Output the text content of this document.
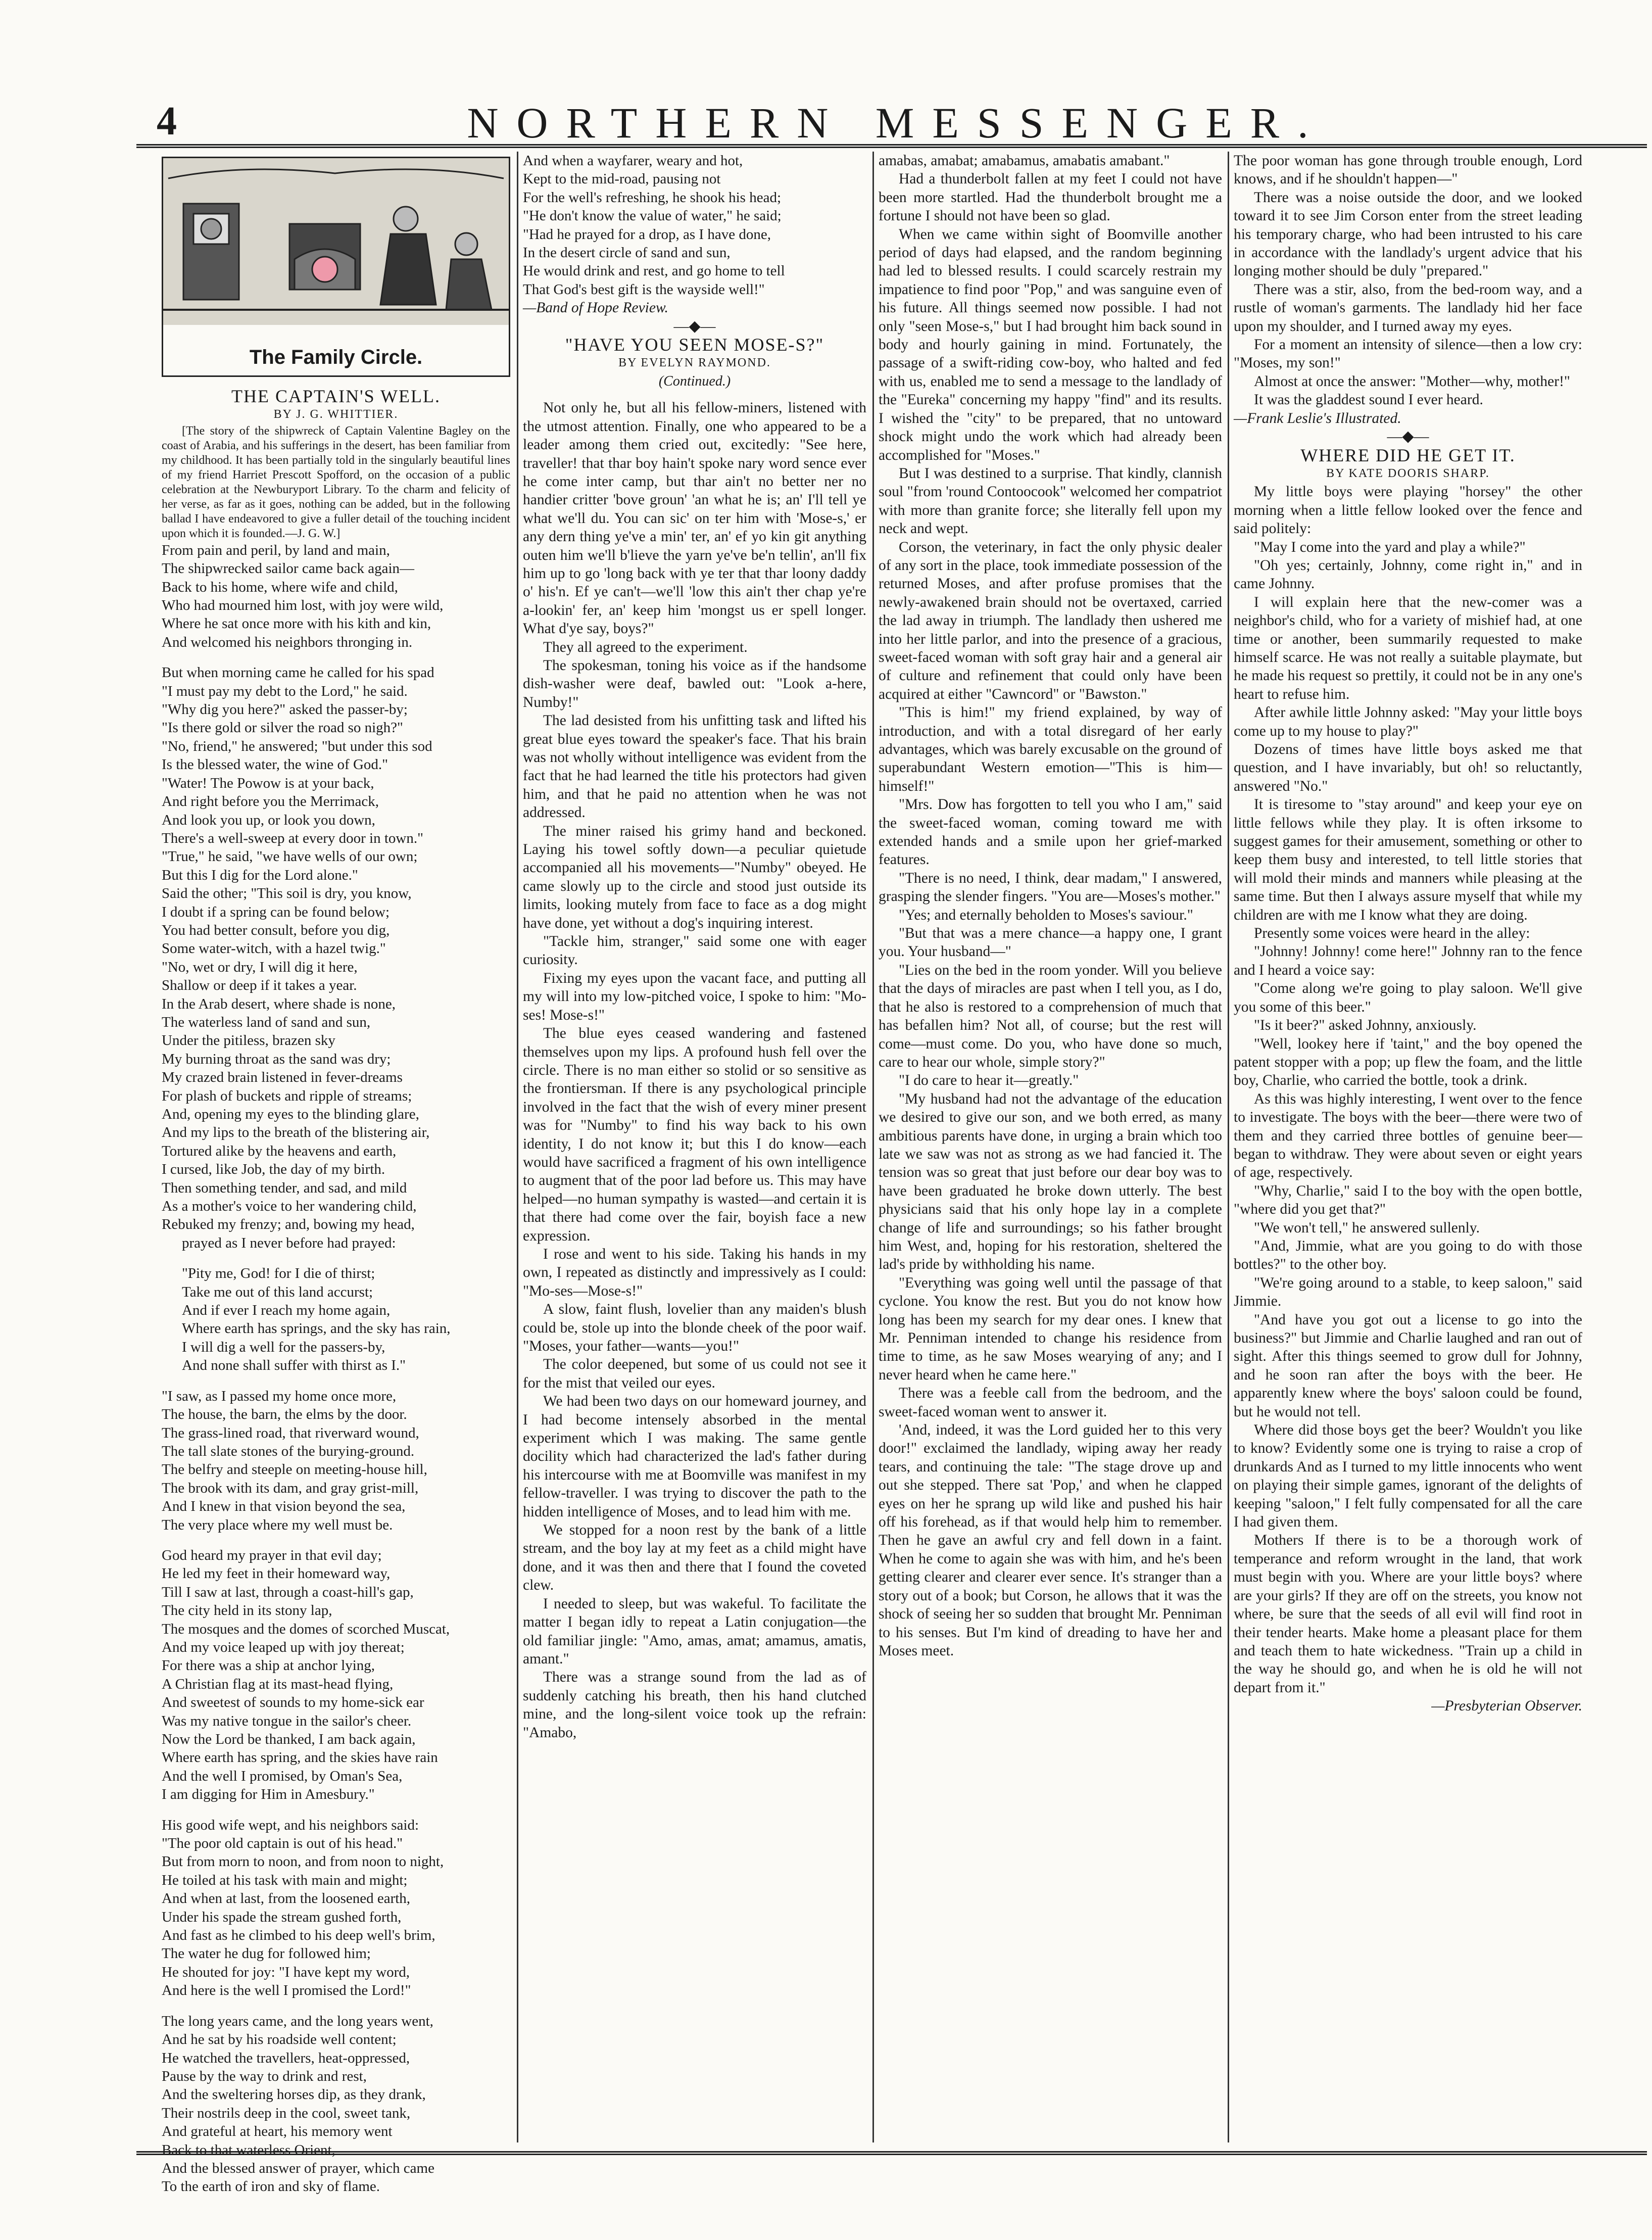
4	NORTHERN MESSENGER.
The Family Circle.

THE CAPTAIN'S WELL.

BY J. G. WHITTIER.

[The story of the shipwreck of Captain Valentine Bagley on the coast of Arabia, and his sufferings in the desert, has been familiar from my childhood. It has been partially told in the singularly beautiful lines of my friend Harriet Prescott Spofford, on the occasion of a public celebration at the Newburyport Library. To the charm and felicity of her verse, as far as it goes, nothing can be added, but in the following ballad I have endeavored to give a fuller detail of the touching incident upon which it is founded.—J. G. W.]

From pain and peril, by land and main,
The shipwrecked sailor came back again—
Back to his home, where wife and child,
Who had mourned him lost, with joy were wild,
Where he sat once more with his kith and kin,
And welcomed his neighbors thronging in.
But when morning came he called for his spad
"I must pay my debt to the Lord," he said.
"Why dig you here?" asked the passer-by;
"Is there gold or silver the road so nigh?"
"No, friend," he answered; "but under this sod
Is the blessed water, the wine of God."
"Water! The Powow is at your back,
And right before you the Merrimack,
And look you up, or look you down,
There's a well-sweep at every door in town."
"True," he said, "we have wells of our own;
But this I dig for the Lord alone."
Said the other; "This soil is dry, you know,
I doubt if a spring can be found below;
You had better consult, before you dig,
Some water-witch, with a hazel twig."
"No, wet or dry, I will dig it here,
Shallow or deep if it takes a year.
In the Arab desert, where shade is none,
The waterless land of sand and sun,
Under the pitiless, brazen sky
My burning throat as the sand was dry;
My crazed brain listened in fever-dreams
For plash of buckets and ripple of streams;
And, opening my eyes to the blinding glare,
And my lips to the breath of the blistering air,
Tortured alike by the heavens and earth,
I cursed, like Job, the day of my birth.
Then something tender, and sad, and mild
As a mother's voice to her wandering child,
Rebuked my frenzy; and, bowing my head,
prayed as I never before had prayed:
"Pity me, God! for I die of thirst;
Take me out of this land accurst;
And if ever I reach my home again,
Where earth has springs, and the sky has rain,
I will dig a well for the passers-by,
And none shall suffer with thirst as I."
"I saw, as I passed my home once more,
The house, the barn, the elms by the door.
The grass-lined road, that riverward wound,
The tall slate stones of the burying-ground.
The belfry and steeple on meeting-house hill,
The brook with its dam, and gray grist-mill,
And I knew in that vision beyond the sea,
The very place where my well must be.
God heard my prayer in that evil day;
He led my feet in their homeward way,
Till I saw at last, through a coast-hill's gap,
The city held in its stony lap,
The mosques and the domes of scorched Muscat,
And my voice leaped up with joy thereat;
For there was a ship at anchor lying,
A Christian flag at its mast-head flying,
And sweetest of sounds to my home-sick ear
Was my native tongue in the sailor's cheer.
Now the Lord be thanked, I am back again,
Where earth has spring, and the skies have rain
And the well I promised, by Oman's Sea,
I am digging for Him in Amesbury."
His good wife wept, and his neighbors said:
"The poor old captain is out of his head."
But from morn to noon, and from noon to night,
He toiled at his task with main and might;
And when at last, from the loosened earth,
Under his spade the stream gushed forth,
And fast as he climbed to his deep well's brim,
The water he dug for followed him;
He shouted for joy: "I have kept my word,
And here is the well I promised the Lord!"
The long years came, and the long years went,
And he sat by his roadside well content;
He watched the travellers, heat-oppressed,
Pause by the way to drink and rest,
And the sweltering horses dip, as they drank,
Their nostrils deep in the cool, sweet tank,
And grateful at heart, his memory went
Back to that waterless Orient,
And the blessed answer of prayer, which came
To the earth of iron and sky of flame.
And when a wayfarer, weary and hot,
Kept to the mid-road, pausing not
For the well's refreshing, he shook his head;
"He don't know the value of water," he said;
"Had he prayed for a drop, as I have done,
In the desert circle of sand and sun,
He would drink and rest, and go home to tell
That God's best gift is the wayside well!"

—Band of Hope Review.

—◆—

"HAVE YOU SEEN MOSE-S?"

BY EVELYN RAYMOND.

(Continued.)

Not only he, but all his fellow-miners, listened with the utmost attention. Finally, one who appeared to be a leader among them cried out, excitedly: "See here, traveller! that thar boy hain't spoke nary word sence ever he come inter camp, but thar ain't no better ner no handier critter 'bove groun' 'an what he is; an' I'll tell ye what we'll du. You can sic' on ter him with 'Mose-s,' er any dern thing ye've a min' ter, an' ef yo kin git anything outen him we'll b'lieve the yarn ye've be'n tellin', an'll fix him up to go 'long back with ye ter that thar loony daddy o' his'n. Ef ye can't—we'll 'low this ain't ther chap ye're a-lookin' fer, an' keep him 'mongst us er spell longer. What d'ye say, boys?"

They all agreed to the experiment.

The spokesman, toning his voice as if the handsome dish-washer were deaf, bawled out: "Look a-here, Numby!"

The lad desisted from his unfitting task and lifted his great blue eyes toward the speaker's face. That his brain was not wholly without intelligence was evident from the fact that he had learned the title his protectors had given him, and that he paid no attention when he was not addressed.

The miner raised his grimy hand and beckoned. Laying his towel softly down—a peculiar quietude accompanied all his movements—"Numby" obeyed. He came slowly up to the circle and stood just outside its limits, looking mutely from face to face as a dog might have done, yet without a dog's inquiring interest.

"Tackle him, stranger," said some one with eager curiosity.

Fixing my eyes upon the vacant face, and putting all my will into my low-pitched voice, I spoke to him: "Mo-ses! Mose-s!"

The blue eyes ceased wandering and fastened themselves upon my lips. A profound hush fell over the circle. There is no man either so stolid or so sensitive as the frontiersman. If there is any psychological principle involved in the fact that the wish of every miner present was for "Numby" to find his way back to his own identity, I do not know it; but this I do know—each would have sacrificed a fragment of his own intelligence to augment that of the poor lad before us. This may have helped—no human sympathy is wasted—and certain it is that there had come over the fair, boyish face a new expression.

I rose and went to his side. Taking his hands in my own, I repeated as distinctly and impressively as I could: "Mo-ses—Mose-s!"

A slow, faint flush, lovelier than any maiden's blush could be, stole up into the blonde cheek of the poor waif. "Moses, your father—wants—you!"

The color deepened, but some of us could not see it for the mist that veiled our eyes.

We had been two days on our homeward journey, and I had become intensely absorbed in the mental experiment which I was making. The same gentle docility which had characterized the lad's father during his intercourse with me at Boomville was manifest in my fellow-traveller. I was trying to discover the path to the hidden intelligence of Moses, and to lead him with me.

We stopped for a noon rest by the bank of a little stream, and the boy lay at my feet as a child might have done, and it was then and there that I found the coveted clew.

I needed to sleep, but was wakeful. To facilitate the matter I began idly to repeat a Latin conjugation—the old familiar jingle: "Amo, amas, amat; amamus, amatis, amant."

There was a strange sound from the lad as of suddenly catching his breath, then his hand clutched mine, and the long-silent voice took up the refrain: "Amabo,

amabas, amabat; amabamus, amabatis amabant."

Had a thunderbolt fallen at my feet I could not have been more startled. Had the thunderbolt brought me a fortune I should not have been so glad.

When we came within sight of Boomville another period of days had elapsed, and the random beginning had led to blessed results. I could scarcely restrain my impatience to find poor "Pop," and was sanguine even of his future. All things seemed now possible. I had not only "seen Mose-s," but I had brought him back sound in body and hourly gaining in mind. Fortunately, the passage of a swift-riding cow-boy, who halted and fed with us, enabled me to send a message to the landlady of the "Eureka" concerning my happy "find" and its results. I wished the "city" to be prepared, that no untoward shock might undo the work which had already been accomplished for "Moses."

But I was destined to a surprise. That kindly, clannish soul "from 'round Contoocook" welcomed her compatriot with more than granite force; she literally fell upon my neck and wept.

Corson, the veterinary, in fact the only physic dealer of any sort in the place, took immediate possession of the returned Moses, and after profuse promises that the newly-awakened brain should not be overtaxed, carried the lad away in triumph. The landlady then ushered me into her little parlor, and into the presence of a gracious, sweet-faced woman with soft gray hair and a general air of culture and refinement that could only have been acquired at either "Cawncord" or "Bawston."

"This is him!" my friend explained, by way of introduction, and with a total disregard of her early advantages, which was barely excusable on the ground of superabundant Western emotion—"This is him—himself!"

"Mrs. Dow has forgotten to tell you who I am," said the sweet-faced woman, coming toward me with extended hands and a smile upon her grief-marked features.

"There is no need, I think, dear madam," I answered, grasping the slender fingers. "You are—Moses's mother."

"Yes; and eternally beholden to Moses's saviour."

"But that was a mere chance—a happy one, I grant you. Your husband—"

"Lies on the bed in the room yonder. Will you believe that the days of miracles are past when I tell you, as I do, that he also is restored to a comprehension of much that has befallen him? Not all, of course; but the rest will come—must come. Do you, who have done so much, care to hear our whole, simple story?"

"I do care to hear it—greatly."

"My husband had not the advantage of the education we desired to give our son, and we both erred, as many ambitious parents have done, in urging a brain which too late we saw was not as strong as we had fancied it. The tension was so great that just before our dear boy was to have been graduated he broke down utterly. The best physicians said that his only hope lay in a complete change of life and surroundings; so his father brought him West, and, hoping for his restoration, sheltered the lad's pride by withholding his name.

"Everything was going well until the passage of that cyclone. You know the rest. But you do not know how long has been my search for my dear ones. I knew that Mr. Penniman intended to change his residence from time to time, as he saw Moses wearying of any; and I never heard when he came here."

There was a feeble call from the bedroom, and the sweet-faced woman went to answer it.

'And, indeed, it was the Lord guided her to this very door!" exclaimed the landlady, wiping away her ready tears, and continuing the tale: "The stage drove up and out she stepped. There sat 'Pop,' and when he clapped eyes on her he sprang up wild like and pushed his hair off his forehead, as if that would help him to remember. Then he gave an awful cry and fell down in a faint. When he come to again she was with him, and he's been getting clearer and clearer ever sence. It's stranger than a story out of a book; but Corson, he allows that it was the shock of seeing her so sudden that brought Mr. Penniman to his senses. But I'm kind of dreading to have her and Moses meet.

The poor woman has gone through trouble enough, Lord knows, and if he shouldn't happen—"

There was a noise outside the door, and we looked toward it to see Jim Corson enter from the street leading his temporary charge, who had been intrusted to his care in accordance with the landlady's urgent advice that his longing mother should be duly "prepared."

There was a stir, also, from the bed-room way, and a rustle of woman's garments. The landlady hid her face upon my shoulder, and I turned away my eyes.

For a moment an intensity of silence—then a low cry: "Moses, my son!"

Almost at once the answer: "Mother—why, mother!"

It was the gladdest sound I ever heard.

—Frank Leslie's Illustrated.

—◆—

WHERE DID HE GET IT.

BY KATE DOORIS SHARP.

My little boys were playing "horsey" the other morning when a little fellow looked over the fence and said politely:

"May I come into the yard and play a while?"

"Oh yes; certainly, Johnny, come right in," and in came Johnny.

I will explain here that the new-comer was a neighbor's child, who for a variety of mishief had, at one time or another, been summarily requested to make himself scarce. He was not really a suitable playmate, but he made his request so prettily, it could not be in any one's heart to refuse him.

After awhile little Johnny asked: "May your little boys come up to my house to play?"

Dozens of times have little boys asked me that question, and I have invariably, but oh! so reluctantly, answered "No."

It is tiresome to "stay around" and keep your eye on little fellows while they play. It is often irksome to suggest games for their amusement, something or other to keep them busy and interested, to tell little stories that will mold their minds and manners while pleasing at the same time. But then I always assure myself that while my children are with me I know what they are doing.

Presently some voices were heard in the alley:

"Johnny! Johnny! come here!" Johnny ran to the fence and I heard a voice say:

"Come along we're going to play saloon. We'll give you some of this beer."

"Is it beer?" asked Johnny, anxiously.

"Well, lookey here if 'taint," and the boy opened the patent stopper with a pop; up flew the foam, and the little boy, Charlie, who carried the bottle, took a drink.

As this was highly interesting, I went over to the fence to investigate. The boys with the beer—there were two of them and they carried three bottles of genuine beer—began to withdraw. They were about seven or eight years of age, respectively.

"Why, Charlie," said I to the boy with the open bottle, "where did you get that?"

"We won't tell," he answered sullenly.

"And, Jimmie, what are you going to do with those bottles?" to the other boy.

"We're going around to a stable, to keep saloon," said Jimmie.

"And have you got out a license to go into the business?" but Jimmie and Charlie laughed and ran out of sight. After this things seemed to grow dull for Johnny, and he soon ran after the boys with the beer. He apparently knew where the boys' saloon could be found, but he would not tell.

Where did those boys get the beer? Wouldn't you like to know? Evidently some one is trying to raise a crop of drunkards And as I turned to my little innocents who went on playing their simple games, ignorant of the delights of keeping "saloon," I felt fully compensated for all the care I had given them.

Mothers If there is to be a thorough work of temperance and reform wrought in the land, that work must begin with you. Where are your little boys? where are your girls? If they are off on the streets, you know not where, be sure that the seeds of all evil will find root in their tender hearts. Make home a pleasant place for them and teach them to hate wickedness. "Train up a child in the way he should go, and when he is old he will not depart from it."

—Presbyterian Observer.
